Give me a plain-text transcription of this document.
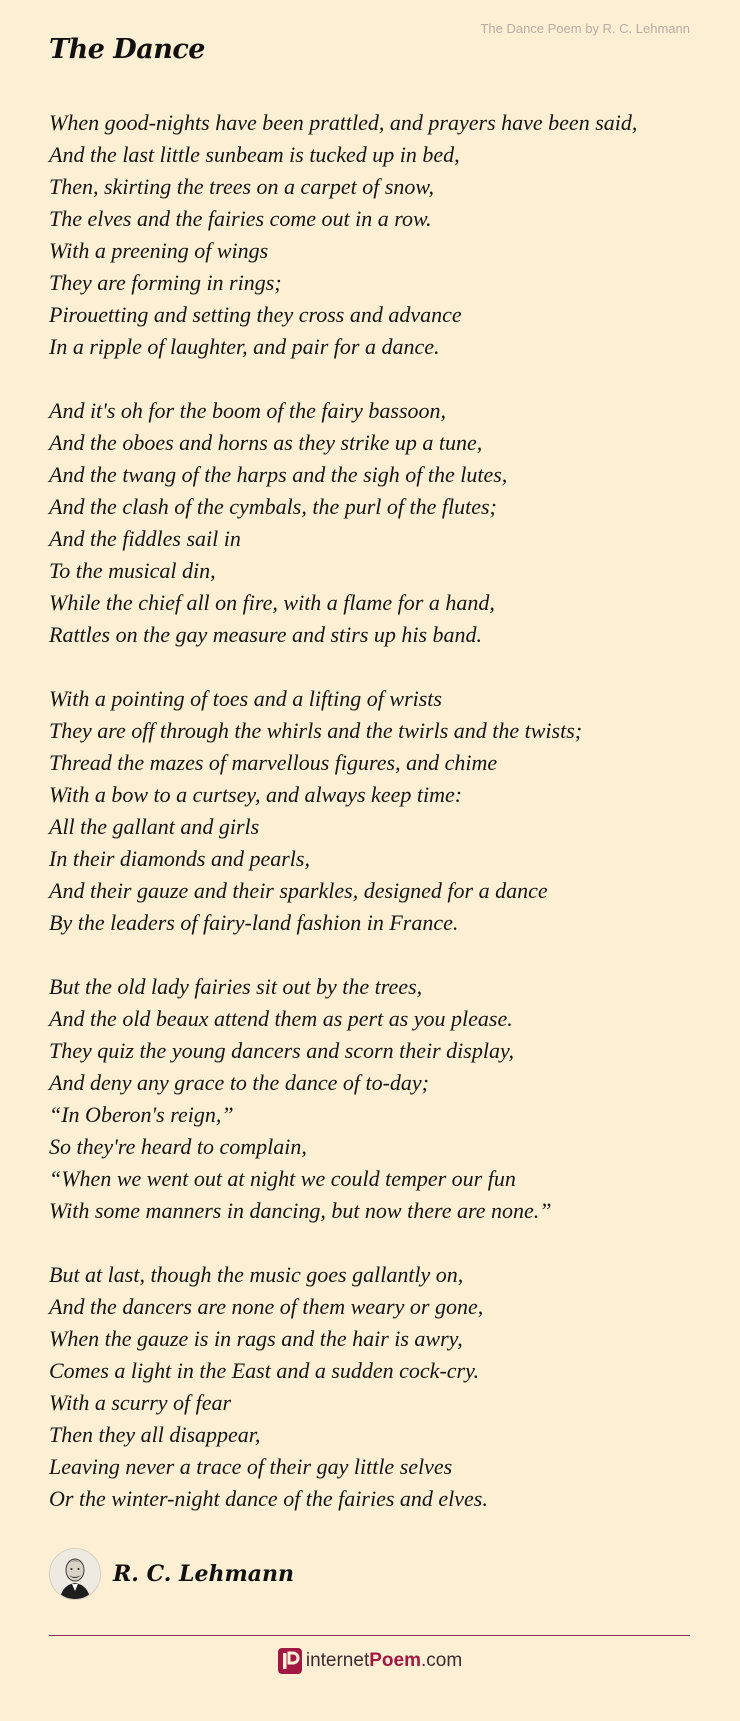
The Dance Poem by R. C. Lehmann
The Dance
When good-nights have been prattled, and prayers have been said,
And the last little sunbeam is tucked up in bed,
Then, skirting the trees on a carpet of snow,
The elves and the fairies come out in a row.
With a preening of wings
They are forming in rings;
Pirouetting and setting they cross and advance
In a ripple of laughter, and pair for a dance.
And it's oh for the boom of the fairy bassoon,
And the oboes and horns as they strike up a tune,
And the twang of the harps and the sigh of the lutes,
And the clash of the cymbals, the purl of the flutes;
And the fiddles sail in
To the musical din,
While the chief all on fire, with a flame for a hand,
Rattles on the gay measure and stirs up his band.
With a pointing of toes and a lifting of wrists
They are off through the whirls and the twirls and the twists;
Thread the mazes of marvellous figures, and chime
With a bow to a curtsey, and always keep time:
All the gallant and girls
In their diamonds and pearls,
And their gauze and their sparkles, designed for a dance
By the leaders of fairy-land fashion in France.
But the old lady fairies sit out by the trees,
And the old beaux attend them as pert as you please.
They quiz the young dancers and scorn their display,
And deny any grace to the dance of to-day;
“In Oberon's reign,”
So they're heard to complain,
“When we went out at night we could temper our fun
With some manners in dancing, but now there are none.”
But at last, though the music goes gallantly on,
And the dancers are none of them weary or gone,
When the gauze is in rags and the hair is awry,
Comes a light in the East and a sudden cock-cry.
With a scurry of fear
Then they all disappear,
Leaving never a trace of their gay little selves
Or the winter-night dance of the fairies and elves.
R. C. Lehmann
internetPoem.com
